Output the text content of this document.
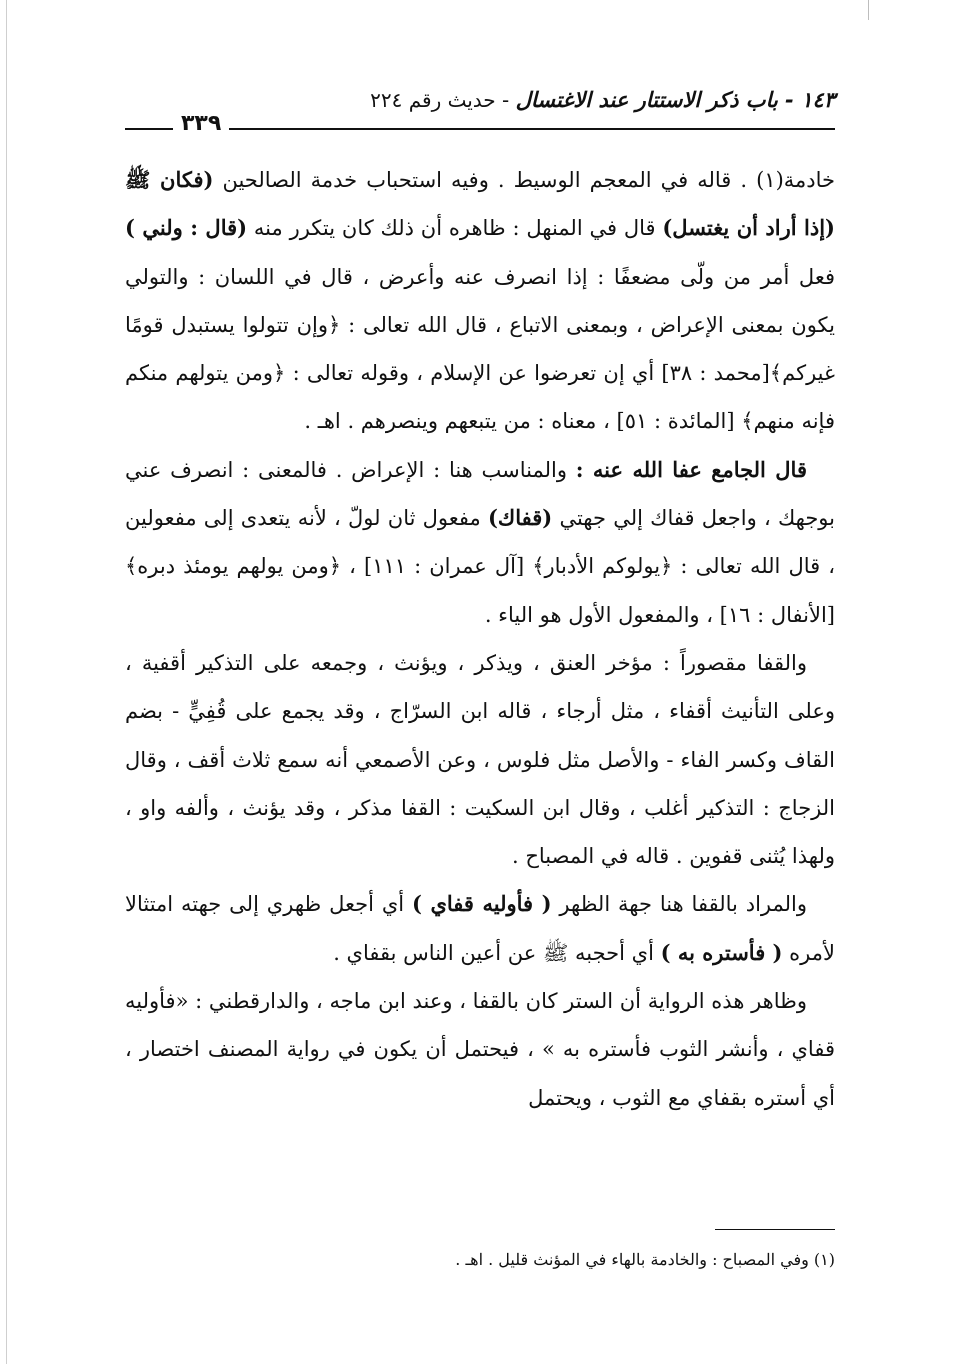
١٤٣ - باب ذكر الاستتار عند الاغتسال - حديث رقم ٢٢٤
٣٣٩

خادمة(١) . قاله في المعجم الوسيط . وفيه استحباب خدمة الصالحين (فكان ﷺ (إذا أراد أن يغتسل) قال في المنهل : ظاهره أن ذلك كان يتكرر منه (قال : ولني ) فعل أمر من ولّى مضعفًا : إذا انصرف عنه وأعرض ، قال في اللسان : والتولي يكون بمعنى الإعراض ، وبمعنى الاتباع ، قال الله تعالى : ﴿وإن تتولوا يستبدل قومًا غيركم﴾[محمد : ٣٨] أي إن تعرضوا عن الإسلام ، وقوله تعالى : ﴿ومن يتولهم منكم فإنه منهم﴾ [المائدة : ٥١] ، معناه : من يتبعهم وينصرهم . اهـ .

قال الجامع عفا الله عنه : والمناسب هنا : الإعراض . فالمعنى : انصرف عني بوجهك ، واجعل قفاك إلي جهتي (قفاك) مفعول ثان لولّ ، لأنه يتعدى إلى مفعولين ، قال الله تعالى : ﴿يولوكم الأدبار﴾ [آل عمران : ١١١] ، ﴿ومن يولهم يومئذ دبره﴾[الأنفال : ١٦] ، والمفعول الأول هو الياء .

والقفا مقصوراً : مؤخر العنق ، ويذكر ، ويؤنث ، وجمعه على التذكير أقفية ، وعلى التأنيث أقفاء ، مثل أرجاء ، قاله ابن السرّاج ، وقد يجمع على قُفِيٍّ - بضم القاف وكسر الفاء - والأصل مثل فلوس ، وعن الأصمعي أنه سمع ثلاث أقف ، وقال الزجاج : التذكير أغلب ، وقال ابن السكيت : القفا مذكر ، وقد يؤنث ، وألفه واو ، ولهذا يُثنى قفوين . قاله في المصباح .

والمراد بالقفا هنا جهة الظهر ( فأوليه قفاي ) أي أجعل ظهري إلى جهته امتثالا لأمره ( فأستره به ) أي أحجبه ﷺ عن أعين الناس بقفاي .

وظاهر هذه الرواية أن الستر كان بالقفا ، وعند ابن ماجه ، والدارقطني : «فأوليه قفاي ، وأنشر الثوب فأستره به » ، فيحتمل أن يكون في رواية المصنف اختصار ، أي أستره بقفاي مع الثوب ، ويحتمل

(١) وفي المصباح : والخادمة بالهاء في المؤنث قليل . اهـ .
